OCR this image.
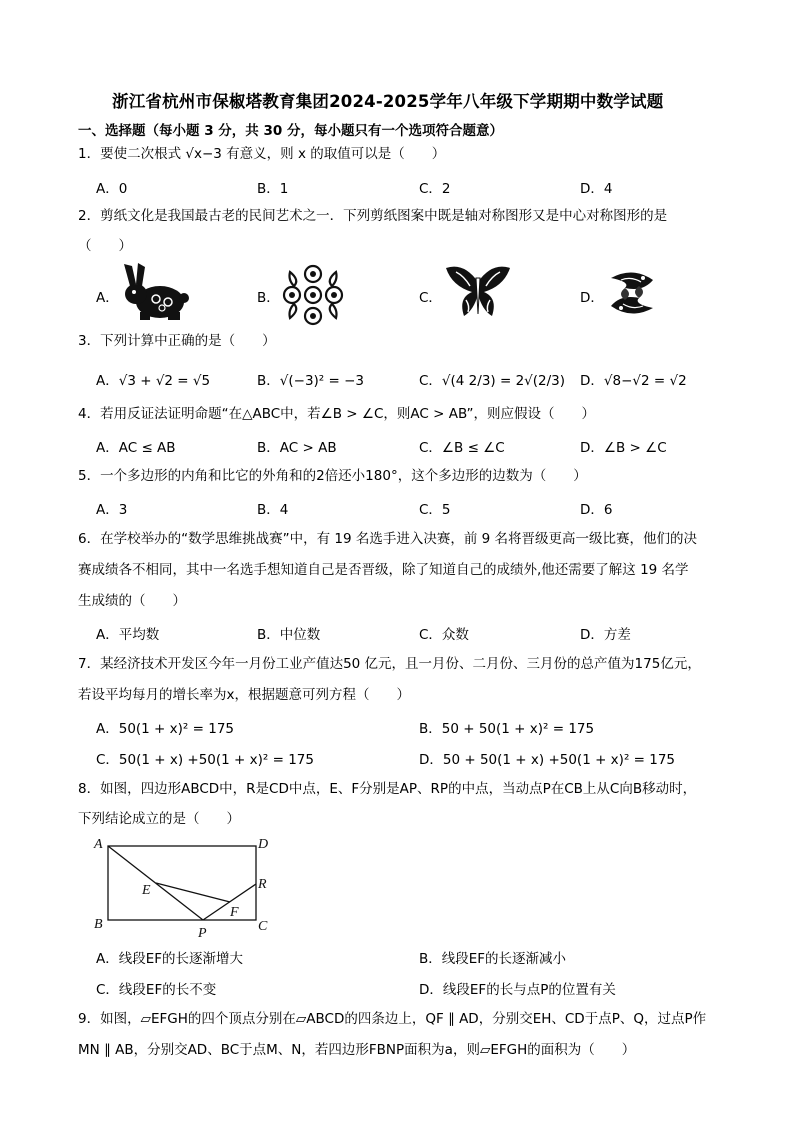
浙江省杭州市保椒塔教育集团2024-2025学年八年级下学期期中数学试题
一、选择题（每小题 3 分，共 30 分，每小题只有一个选项符合题意）
1．要使二次根式 √x−3 有意义，则 x 的取值可以是（　　）
A．0	B．1	C．2	D．4
2．剪纸文化是我国最古老的民间艺术之一．下列剪纸图案中既是轴对称图形又是中心对称图形的是
（　　）
A．	B．	C．	D．
3．下列计算中正确的是（　　）
A．√3 + √2 = √5	B．√(−3)² = −3	C．√(4 2/3) = 2√(2/3) D．√8−√2 = √2
4．若用反证法证明命题“在△ABC中，若∠B > ∠C，则AC > AB”，则应假设（　　）
A．AC ≤ AB	B．AC > AB	C．∠B ≤ ∠C	D．∠B > ∠C
5．一个多边形的内角和比它的外角和的2倍还小180°，这个多边形的边数为（　　）
A．3	B．4	C．5	D．6
6．在学校举办的“数学思维挑战赛”中，有 19 名选手进入决赛，前 9 名将晋级更高一级比赛，他们的决
赛成绩各不相同，其中一名选手想知道自己是否晋级，除了知道自己的成绩外,他还需要了解这 19 名学
生成绩的（　　）
A．平均数	B．中位数	C．众数	D．方差
7．某经济技术开发区今年一月份工业产值达50 亿元，且一月份、二月份、三月份的总产值为175亿元，
若设平均每月的增长率为x，根据题意可列方程（　　）
A．50(1 + x)² = 175	B．50 + 50(1 + x)² = 175
C．50(1 + x) +50(1 + x)² = 175	D．50 + 50(1 + x) +50(1 + x)² = 175
8．如图，四边形ABCD中，R是CD中点，E、F分别是AP、RP的中点，当动点P在CB上从C向B移动时，
下列结论成立的是（　　）
A	D
B	C
P
E
F
R
A．线段EF的长逐渐增大	B．线段EF的长逐渐减小
C．线段EF的长不变	D．线段EF的长与点P的位置有关
9．如图，▱EFGH的四个顶点分别在▱ABCD的四条边上，QF ∥ AD，分别交EH、CD于点P、Q，过点P作
MN ∥ AB，分别交AD、BC于点M、N，若四边形FBNP面积为a，则▱EFGH的面积为（　　）
